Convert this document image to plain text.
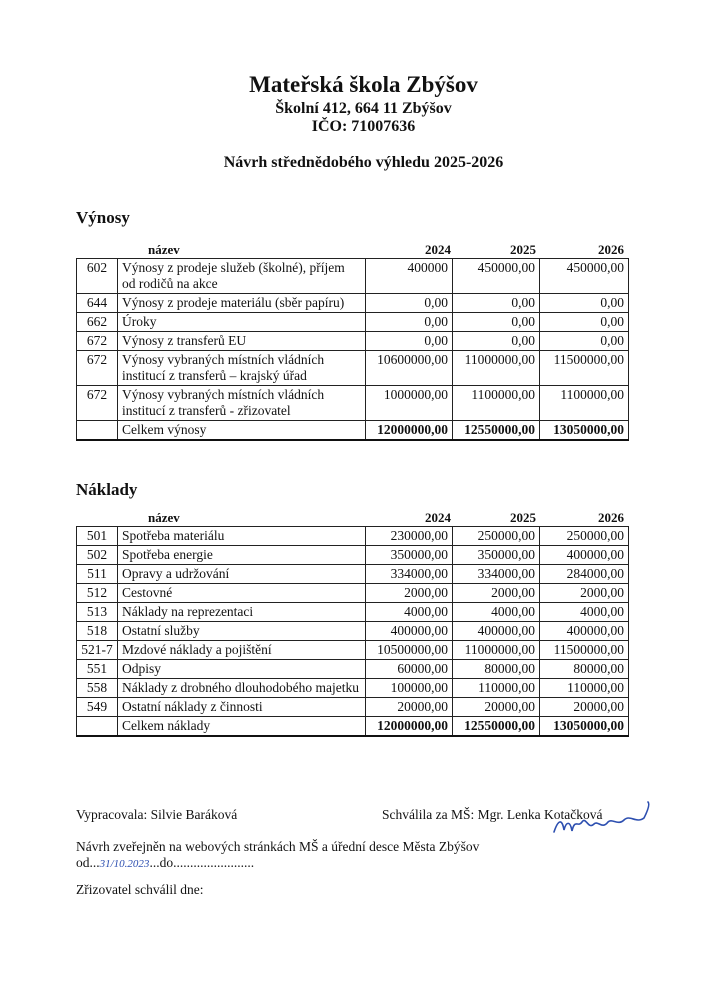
Mateřská škola Zbýšov
Školní 412, 664 11 Zbýšov
IČO: 71007636
Návrh střednědobého výhledu 2025-2026
Výnosy
název	2024	2025	2026
602	Výnosy z prodeje služeb (školné), příjem od rodičů na akce	400000	450000,00	450000,00
644	Výnosy z prodeje materiálu (sběr papíru)	0,00	0,00	0,00
662	Úroky	0,00	0,00	0,00
672	Výnosy z transferů EU	0,00	0,00	0,00
672	Výnosy vybraných místních vládních institucí z transferů – krajský úřad	10600000,00	11000000,00	11500000,00
672	Výnosy vybraných místních vládních institucí z transferů - zřizovatel	1000000,00	1100000,00	1100000,00
	Celkem výnosy	12000000,00	12550000,00	13050000,00
Náklady
název	2024	2025	2026
501	Spotřeba materiálu	230000,00	250000,00	250000,00
502	Spotřeba energie	350000,00	350000,00	400000,00
511	Opravy a udržování	334000,00	334000,00	284000,00
512	Cestovné	2000,00	2000,00	2000,00
513	Náklady na reprezentaci	4000,00	4000,00	4000,00
518	Ostatní služby	400000,00	400000,00	400000,00
521-7	Mzdové náklady a pojištění	10500000,00	11000000,00	11500000,00
551	Odpisy	60000,00	80000,00	80000,00
558	Náklady z drobného dlouhodobého majetku	100000,00	110000,00	110000,00
549	Ostatní náklady z činnosti	20000,00	20000,00	20000,00
	Celkem náklady	12000000,00	12550000,00	13050000,00
Vypracovala: Silvie Baráková	Schválila za MŠ: Mgr. Lenka Kotačková
Návrh zveřejněn na webových stránkách MŠ a úřední desce Města Zbýšov
od...31/10.2023...do........................
Zřizovatel schválil dne:
